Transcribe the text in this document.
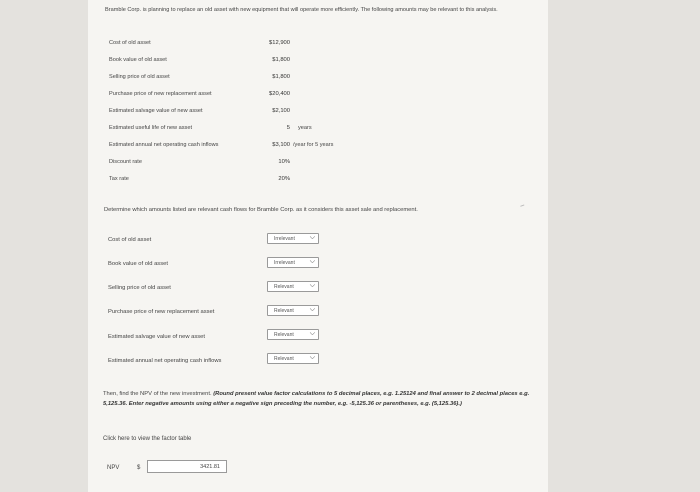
Bramble Corp. is planning to replace an old asset with new equipment that will operate more efficiently. The following amounts may be relevant to this analysis.
Cost of old asset	$12,900
Book value of old asset	$1,800
Selling price of old asset	$1,800
Purchase price of new replacement asset	$20,400
Estimated salvage value of new asset	$2,100
Estimated useful life of new asset	5 years
Estimated annual net operating cash inflows	$3,100 /year for 5 years
Discount rate	10%
Tax rate	20%
Determine which amounts listed are relevant cash flows for Bramble Corp. as it considers this asset sale and replacement.
Cost of old asset	Irrelevant ⌵
Book value of old asset	Irrelevant ⌵
Selling price of old asset	Relevant ⌵
Purchase price of new replacement asset	Relevant ⌵
Estimated salvage value of new asset	Relevant ⌵
Estimated annual net operating cash inflows	Relevant ⌵
Then, find the NPV of the new investment. (Round present value factor calculations to 5 decimal places, e.g. 1.25124 and final answer to 2 decimal places e.g. 5,125.36. Enter negative amounts using either a negative sign preceding the number, e.g. -5,125.36 or parentheses, e.g. (5,125.36).)
Click here to view the factor table
NPV	$
3421.81
